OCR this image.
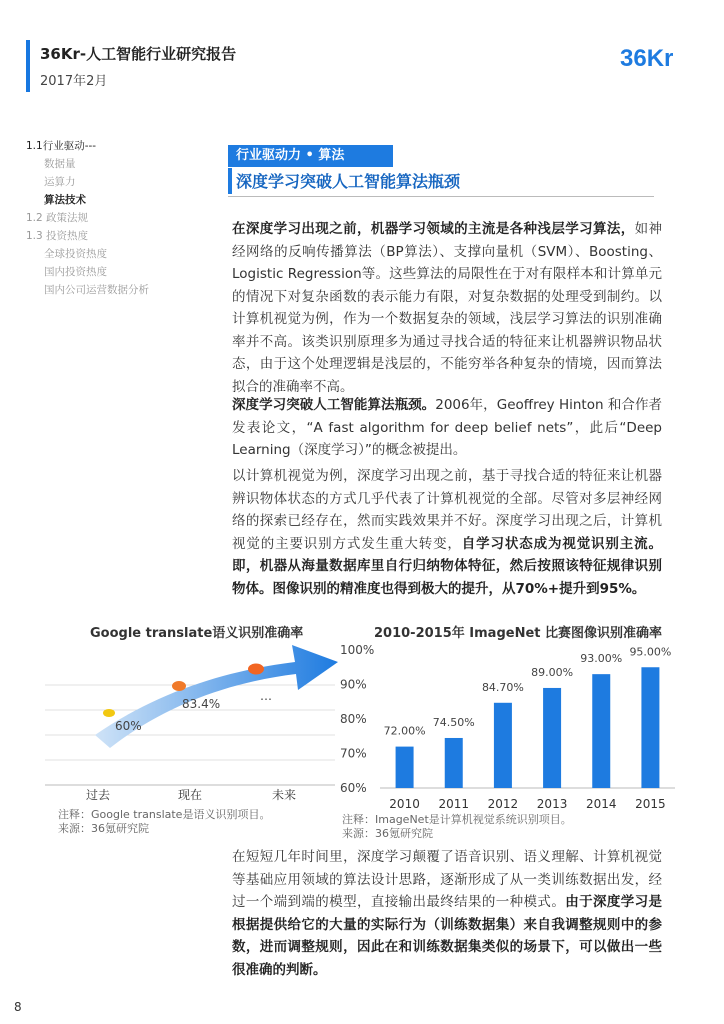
36Kr-人工智能行业研究报告
2017年2月
36Kr
1.1行业驱动---
数据量
运算力
算法技术
1.2 政策法规
1.3 投资热度
全球投资热度
国内投资热度
国内公司运营数据分析
行业驱动力 • 算法
深度学习突破人工智能算法瓶颈
在深度学习出现之前，机器学习领域的主流是各种浅层学习算法，如神经网络的反响传播算法（BP算法）、支撑向量机（SVM）、Boosting、Logistic Regression等。这些算法的局限性在于对有限样本和计算单元的情况下对复杂函数的表示能力有限，对复杂数据的处理受到制约。以计算机视觉为例，作为一个数据复杂的领域，浅层学习算法的识别准确率并不高。该类识别原理多为通过寻找合适的特征来让机器辨识物品状态，由于这个处理逻辑是浅层的，不能穷举各种复杂的情境，因而算法拟合的准确率不高。
深度学习突破人工智能算法瓶颈。2006年，Geoffrey Hinton 和合作者发表论文，“A fast algorithm for deep belief nets”，此后“Deep Learning（深度学习）”的概念被提出。
以计算机视觉为例，深度学习出现之前，基于寻找合适的特征来让机器辨识物体状态的方式几乎代表了计算机视觉的全部。尽管对多层神经网络的探索已经存在，然而实践效果并不好。深度学习出现之后，计算机视觉的主要识别方式发生重大转变，自学习状态成为视觉识别主流。即，机器从海量数据库里自行归纳物体特征，然后按照该特征规律识别物体。图像识别的精准度也得到极大的提升，从70%+提升到95%。
Google translate语义识别准确率
60%
83.4%
…
过去	现在	未来
注释：Google translate是语义识别项目。
来源：36氪研究院
2010-2015年 ImageNet 比赛图像识别准确率
60%
70%
80%
90%
100%
72.00%
2010
74.50%
2011
84.70%
2012
89.00%
2013
93.00%
2014
95.00%
2015
注释：ImageNet是计算机视觉系统识别项目。
来源：36氪研究院
在短短几年时间里，深度学习颠覆了语音识别、语义理解、计算机视觉等基础应用领域的算法设计思路，逐渐形成了从一类训练数据出发，经过一个端到端的模型，直接输出最终结果的一种模式。由于深度学习是根据提供给它的大量的实际行为（训练数据集）来自我调整规则中的参数，进而调整规则，因此在和训练数据集类似的场景下，可以做出一些很准确的判断。
8
